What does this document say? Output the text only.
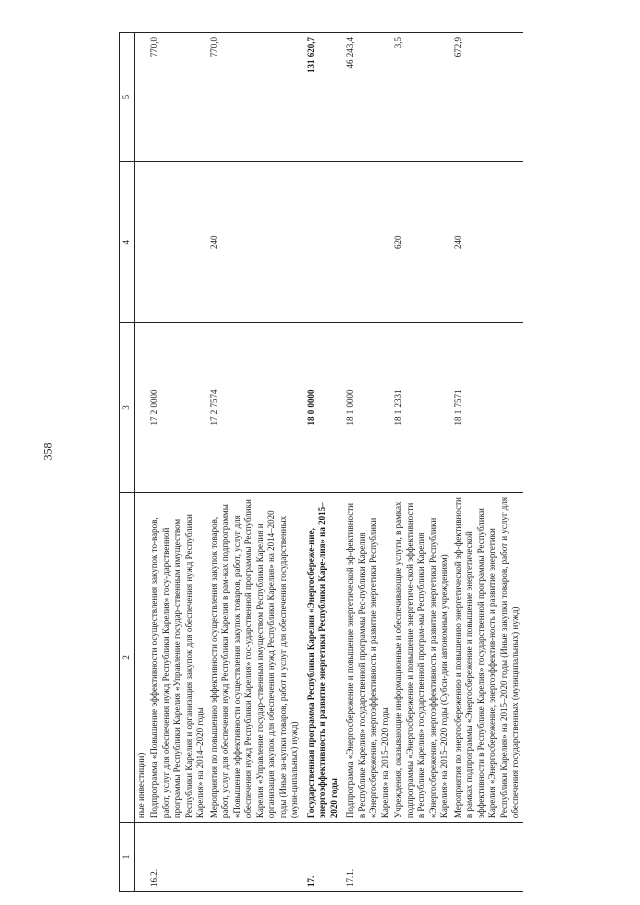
358
1	2	3	4	5
	ные инвестиции)			
16.2.	Подпрограмма «Повышение эффективности осуществления закупок то-варов, работ, услуг для обеспечения нужд Республики Карелия» госу-дарственной программы Республики Карелия «Управление государ-ственным имуществом Республики Карелия и организация закупок для обеспечения нужд Республики Карелия» на 2014–2020 годы	17 2 0000		770,0
	Мероприятия по повышению эффективности осуществления закупок товаров, работ, услуг для обеспечения нужд Республики Карелия в рам-ках подпрограммы «Повышение эффективности осуществления закупок товаров, работ, услуг для обеспечения нужд Республики Карелия» гос-ударственной программы Республики Карелия «Управление государ-ственным имуществом Республики Карелия и организация закупок для обеспечения нужд Республики Карелия» на 2014–2020 годы (Иные за-купки товаров, работ и услуг для обеспечения государственных (муни-ципальных) нужд)	17 2 7574	240	770,0
17.	Государственная программа Республики Карелия «Энергосбереже-ние, энергоэффективность и развитие энергетики Республики Каре-лия» на 2015–2020 годы	18 0 0000		131 620,7
17.1.	Подпрограмма «Энергосбережение и повышение энергетической эф-фективности в Республике Карелия» государственной программы Рес-публики Карелия «Энергосбережение, энергоэффективность и развитие энергетики Республики Карелия» на 2015–2020 годы	18 1 0000		46 243,4
	Учреждения, оказывающие информационные и обеспечивающие услуги, в рамках подпрограммы «Энергосбережение и повышение энергетиче-ской эффективности в Республике Карелия» государственной програм-мы Республики Карелия «Энергосбережение, энергоэффективность и развитие энергетики Республики Карелия» на 2015–2020 годы (Субси-дии автономным учреждениям)	18 1 2331	620	3,5
	Мероприятия по энергосбережению и повышению энергетической эф-фективности в рамках подпрограммы «Энергосбережение и повышение энергетической эффективности в Республике Карелия» государственной программы Республики Карелия «Энергосбережение, энергоэффектив-ность и развитие энергетики Республики Карелия» на 2015–2020 годы (Иные закупки товаров, работ и услуг для обеспечения государственных (муниципальных) нужд)	18 1 7571	240	672,9
